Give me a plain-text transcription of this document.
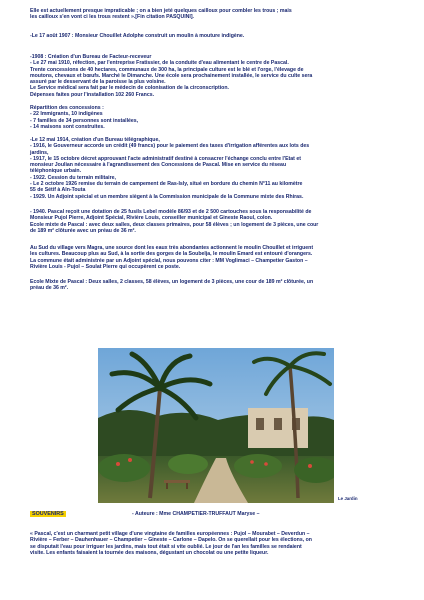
Elle est actuellement presque impraticable ; on a bien jeté quelques cailloux pour combler les trous ; mais
les cailloux s'en vont ci les trous restent ».[Fin citation PASQUINI].
-Le 17 août 1907 : Monsieur Chouillet Adolphe construit un moulin à mouture indigène.
-1908 : Création d'un Bureau de Facteur-receveur
- Le 27 mai 1910, réfection, par l'entreprise Fratissier, de la conduite d'eau alimentant le centre de Pascal.
Trente concessions de 40 hectares, communaux de 300 ha, la principale culture est le blé et l'orge, l'élevage de
moutons, chevaux et bœufs. Marché le Dimanche. Une école sera prochainement installée, le service du culte sera
assuré par le desservant de la paroisse la plus voisine.
Le Service médical sera fait par le médecin de colonisation de la circonscription.
Dépenses faites pour l'installation 102 260 Francs.
Répartition des concessions :
- 22 Immigrants, 10 indigènes
- 7 familles de 34 personnes sont installées,
- 14 maisons sont construites.
-Le 12 mai 1914, création d'un Bureau télégraphique,
- 1916, le Gouverneur accorde un crédit (49 francs) pour le paiement des taxes d'irrigation afférentes aux lots des
jardins,
- 1917, le 15 octobre décret approuvant l'acte administratif destiné à consacrer l'échange conclu entre l'Etat et
monsieur Joulian nécessaire à l'agrandissement des Concessions de Pascal. Mise en service du réseau
téléphonique urbain.
- 1922. Cession du terrain militaire,
- Le 2 octobre 1926 remise du terrain de campement de Ras-Isly, situé en bordure du chemin N°11 au kilomètre
55 de Sétif à Aïn-Touta
- 1929. Un Adjoint spécial et un membre siègent à la Commission municipale de la Commune mixte des Rhiras.
- 1940. Pascal reçoit une dotation de 25 fusils Lebel modèle 86/93 et de 2 500 cartouches sous la responsabilité de
Monsieur Pujol Pierre, Adjoint Spécial, Rivière Louis, conseiller municipal et Gineste Raoul, colon.
Ecole mixte de Pascal : avec deux salles, deux classes primaires, pour 58 élèves ; un logement de 3 pièces, une cour
de 189 m² clôturée avec un préau de 36 m².
Au Sud du village vers Magra, une source dont les eaux très abondantes actionnent le moulin Chouillet et irriguent
les cultures. Beaucoup plus au Sud, à la sortie des gorges de la Soubelja, le moulin Emard est entouré d'orangers.
La commune était administrée par un Adjoint spécial, nous pouvons citer : MM Voglimaci – Champetier Gaston –
Rivière Louis - Pujol – Soulat Pierre qui occupèrent ce poste.
Ecole Mixte de Pascal : Deux salles, 2 classes, 58 élèves, un logement de 3 pièces, une cour de 189 m² clôturée, un
préau de 36 m².
Le Jardin
SOUVENIRS	- Auteure : Mme CHAMPETIER-TRUFFAUT Maryse –
« Pascal, c'est un charmant petit village d'une vingtaine de familles européennes : Pujol – Mourabet – Deverdun –
Rivière – Ferber – Dauhenhauer – Champetier – Gineste – Carlone – Dapelo. On se querellait pour les élections, on
se disputait l'eau pour irriguer les jardins, mais tout était si vite oublié. Le jour de l'an les familles se rendaient
visite. Les enfants faisaient la tournée des maisons, dégustant un chocolat ou une petite liqueur.
